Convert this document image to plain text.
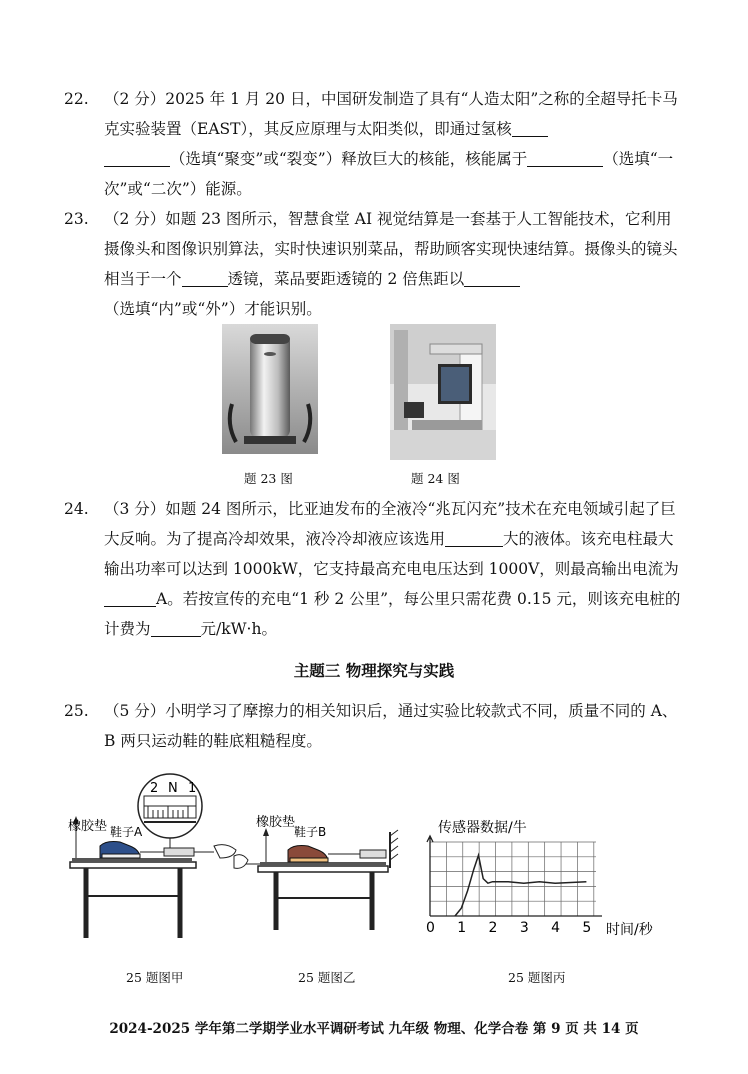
22. （2 分）2025 年 1 月 20 日，中国研发制造了具有“人造太阳”之称的全超导托卡马克实验装置（EAST），其反应原理与太阳类似，即通过氢核
（选填“聚变”或“裂变”）释放巨大的核能，核能属于	（选填“一次”或“二次”）能源。
23. （2 分）如题 23 图所示，智慧食堂 AI 视觉结算是一套基于人工智能技术，它利用摄像头和图像识别算法，实时快速识别菜品，帮助顾客实现快速结算。摄像头的镜头相当于一个	透镜，菜品要距透镜的 2 倍焦距以
（选填“内”或“外”）才能识别。
题 23 图	题 24 图
24. （3 分）如题 24 图所示，比亚迪发布的全液冷“兆瓦闪充”技术在充电领域引起了巨大反响。为了提高冷却效果，液冷冷却液应该选用	大的液体。该充电柱最大输出功率可以达到 1000kW，它支持最高充电电压达到 1000V，则最高输出电流为A。若按宣传的充电“1 秒 2 公里”，每公里只需花费 0.15 元，则该充电桩的计费为	元/kW·h。
主题三 物理探究与实践
25. （5 分）小明学习了摩擦力的相关知识后，通过实验比较款式不同，质量不同的 A、B 两只运动鞋的鞋底粗糙程度。
2 N 1
橡胶垫 鞋子A
25 题图甲
橡胶垫
鞋子B
25 题图乙
传感器数据/牛
时间/秒
0 1 2 3 4 5
25 题图丙
2024-2025 学年第二学期学业水平调研考试 九年级 物理、化学合卷 第 9 页 共 14 页
